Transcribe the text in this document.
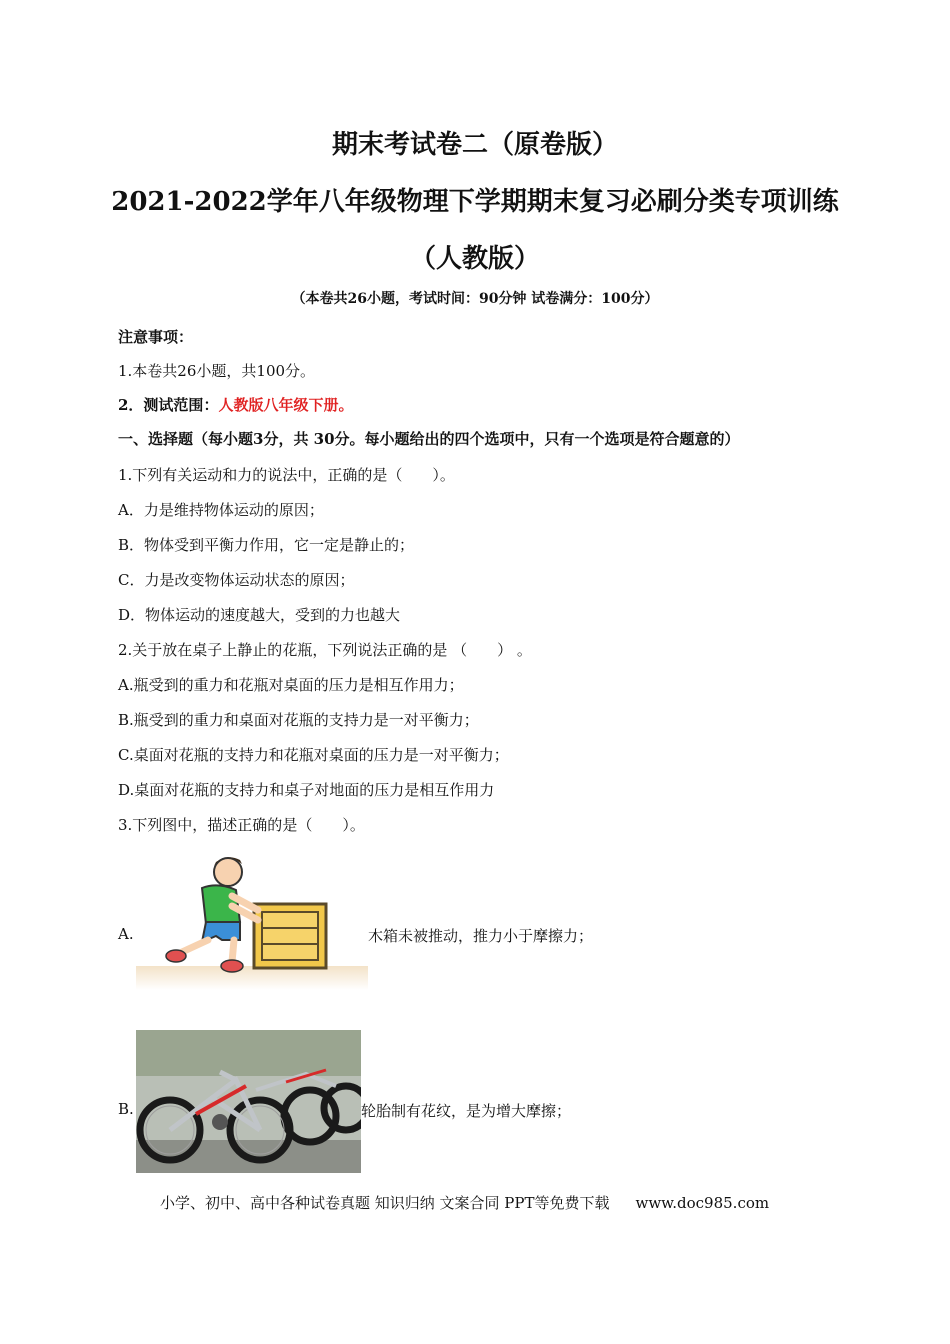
期末考试卷二（原卷版）
2021-2022学年八年级物理下学期期末复习必刷分类专项训练
（人教版）
（本卷共26小题，考试时间：90分钟 试卷满分：100分）
注意事项：
1.本卷共26小题，共100分。
2．测试范围：人教版八年级下册。
一、选择题（每小题3分，共 30分。每小题给出的四个选项中，只有一个选项是符合题意的）
1.下列有关运动和力的说法中，正确的是（　　）。
A．力是维持物体运动的原因；
B．物体受到平衡力作用，它一定是静止的；
C．力是改变物体运动状态的原因；
D．物体运动的速度越大，受到的力也越大
2.关于放在桌子上静止的花瓶，下列说法正确的是 （　　） 。
A.瓶受到的重力和花瓶对桌面的压力是相互作用力；
B.瓶受到的重力和桌面对花瓶的支持力是一对平衡力；
C.桌面对花瓶的支持力和花瓶对桌面的压力是一对平衡力；
D.桌面对花瓶的支持力和桌子对地面的压力是相互作用力
3.下列图中，描述正确的是（　　）。
A.	木箱未被推动，推力小于摩擦力；
B.	轮胎制有花纹，是为增大摩擦；
小学、初中、高中各种试卷真题 知识归纳 文案合同 PPT等免费下载 www.doc985.com
